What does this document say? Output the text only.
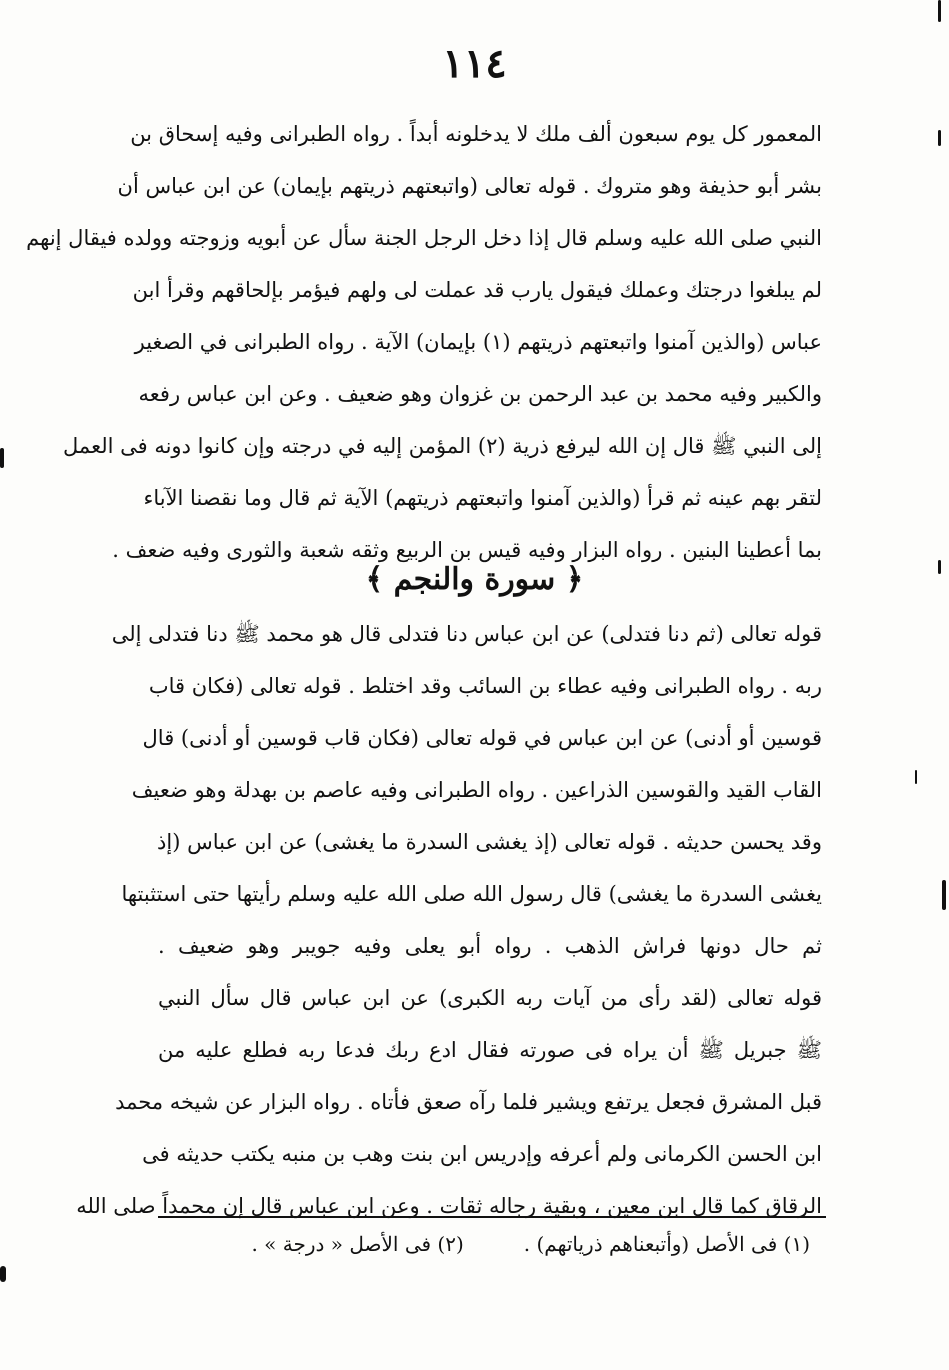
١١٤
المعمور كل يوم سبعون ألف ملك لا يدخلونه أبداً . رواه الطبرانى وفيه إسحاق بن
بشر أبو حذيفة وهو متروك . قوله تعالى (واتبعتهم ذريتهم بإيمان) عن ابن عباس أن
النبي صلى الله عليه وسلم قال إذا دخل الرجل الجنة سأل عن أبويه وزوجته وولده فيقال إنهم
لم يبلغوا درجتك وعملك فيقول يارب قد عملت لى ولهم فيؤمر بإلحاقهم وقرأ ابن
عباس (والذين آمنوا واتبعتهم ذريتهم (١) بإيمان) الآية . رواه الطبرانى في الصغير
والكبير وفيه محمد بن عبد الرحمن بن غزوان وهو ضعيف . وعن ابن عباس رفعه
إلى النبي ﷺ قال إن الله ليرفع ذرية (٢) المؤمن إليه في درجته وإن كانوا دونه فى العمل
لتقر بهم عينه ثم قرأ (والذين آمنوا واتبعتهم ذريتهم) الآية ثم قال وما نقصنا الآباء
بما أعطينا البنين . رواه البزار وفيه قيس بن الربيع وثقه شعبة والثورى وفيه ضعف .
﴿ سورة والنجم ﴾
قوله تعالى (ثم دنا فتدلى) عن ابن عباس دنا فتدلى قال هو محمد ﷺ دنا فتدلى إلى
ربه . رواه الطبرانى وفيه عطاء بن السائب وقد اختلط . قوله تعالى (فكان قاب
قوسين أو أدنى) عن ابن عباس في قوله تعالى (فكان قاب قوسين أو أدنى) قال
القاب القيد والقوسين الذراعين . رواه الطبرانى وفيه عاصم بن بهدلة وهو ضعيف
وقد يحسن حديثه . قوله تعالى (إذ يغشى السدرة ما يغشى) عن ابن عباس (إذ
يغشى السدرة ما يغشى) قال رسول الله صلى الله عليه وسلم رأيتها حتى استثبتها
ثم حال دونها فراش الذهب . رواه أبو يعلى وفيه جويبر وهو ضعيف .
قوله تعالى (لقد رأى من آيات ربه الكبرى) عن ابن عباس قال سأل النبي
ﷺ جبريل ﷺ أن يراه فى صورته فقال ادع ربك فدعا ربه فطلع عليه من
قبل المشرق فجعل يرتفع ويشير فلما رآه صعق فأتاه . رواه البزار عن شيخه محمد
ابن الحسن الكرمانى ولم أعرفه وإدريس ابن بنت وهب بن منبه يكتب حديثه فى
الرقاق كما قال ابن معين ، وبقية رجاله ثقات . وعن ابن عباس قال إن محمداً صلى الله
(١) فى الأصل (وأتبعناهم ذرياتهم) .
(٢) فى الأصل « درجة » .
